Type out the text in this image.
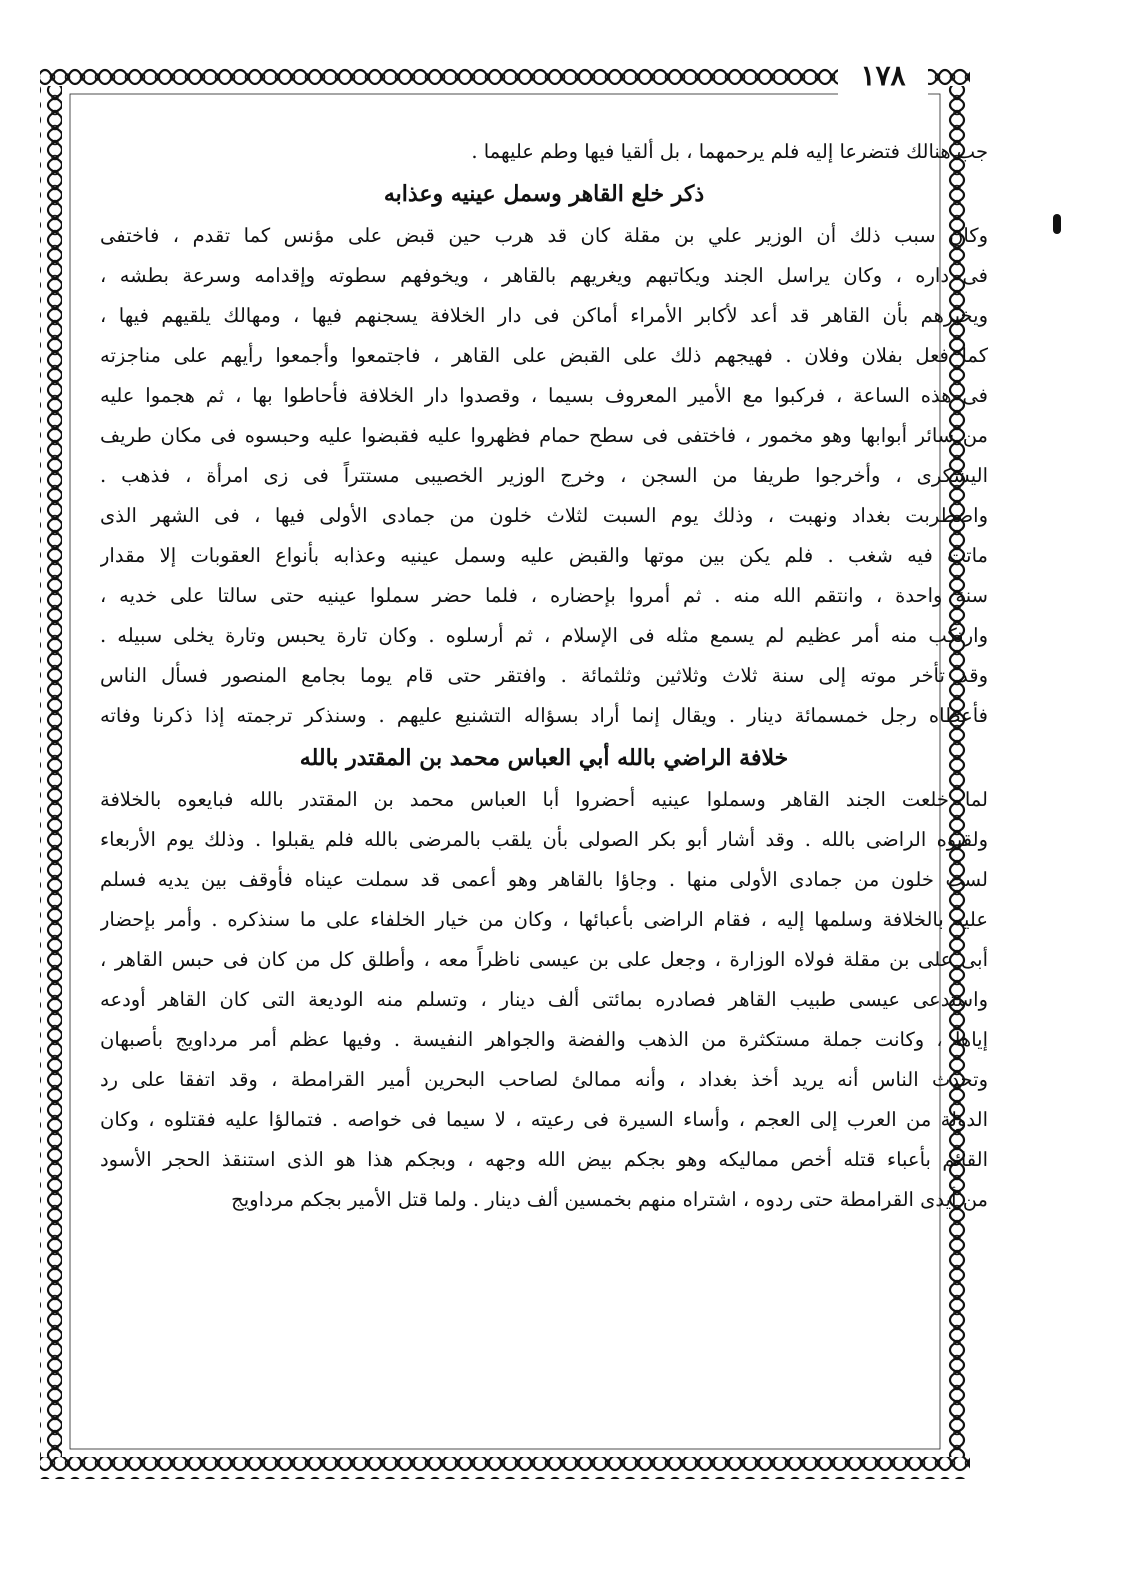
١٧٨
جب هنالك فتضرعا إليه فلم يرحمهما ، بل ألقيا فيها وطم عليهما .
ذكر خلع القاهر وسمل عينيه وعذابه
وكان سبب ذلك أن الوزير علي بن مقلة كان قد هرب حين قبض على مؤنس كما تقدم ، فاختفى
فى داره ، وكان يراسل الجند ويكاتبهم ويغريهم بالقاهر ، ويخوفهم سطوته وإقدامه وسرعة بطشه ،
ويخبرهم بأن القاهر قد أعد لأكابر الأمراء أماكن فى دار الخلافة يسجنهم فيها ، ومهالك يلقيهم فيها ،
كما فعل بفلان وفلان . فهيجهم ذلك على القبض على القاهر ، فاجتمعوا وأجمعوا رأيهم على مناجزته
فى هذه الساعة ، فركبوا مع الأمير المعروف بسيما ، وقصدوا دار الخلافة فأحاطوا بها ، ثم هجموا عليه
من سائر أبوابها وهو مخمور ، فاختفى فى سطح حمام فظهروا عليه فقبضوا عليه وحبسوه فى مكان طريف
اليشكرى ، وأخرجوا طريفا من السجن ، وخرج الوزير الخصيبى مستتراً فى زى امرأة ، فذهب .
واضطربت بغداد ونهبت ، وذلك يوم السبت لثلاث خلون من جمادى الأولى فيها ، فى الشهر الذى
ماتت فيه شغب . فلم يكن بين موتها والقبض عليه وسمل عينيه وعذابه بأنواع العقوبات إلا مقدار
سنة واحدة ، وانتقم الله منه . ثم أمروا بإحضاره ، فلما حضر سملوا عينيه حتى سالتا على خديه ،
وارتكب منه أمر عظيم لم يسمع مثله فى الإسلام ، ثم أرسلوه . وكان تارة يحبس وتارة يخلى سبيله .
وقد تأخر موته إلى سنة ثلاث وثلاثين وثلثمائة . وافتقر حتى قام يوما بجامع المنصور فسأل الناس
فأعطاه رجل خمسمائة دينار . ويقال إنما أراد بسؤاله التشنيع عليهم . وسنذكر ترجمته إذا ذكرنا وفاته
خلافة الراضي بالله أبي العباس محمد بن المقتدر بالله
لما خلعت الجند القاهر وسملوا عينيه أحضروا أبا العباس محمد بن المقتدر بالله فبايعوه بالخلافة
ولقبوه الراضى بالله . وقد أشار أبو بكر الصولى بأن يلقب بالمرضى بالله فلم يقبلوا . وذلك يوم الأربعاء
لست خلون من جمادى الأولى منها . وجاؤا بالقاهر وهو أعمى قد سملت عيناه فأوقف بين يديه فسلم
عليه بالخلافة وسلمها إليه ، فقام الراضى بأعبائها ، وكان من خيار الخلفاء على ما سنذكره . وأمر بإحضار
أبى على بن مقلة فولاه الوزارة ، وجعل على بن عيسى ناظراً معه ، وأطلق كل من كان فى حبس القاهر ،
واستدعى عيسى طبيب القاهر فصادره بمائتى ألف دينار ، وتسلم منه الوديعة التى كان القاهر أودعه
إياها ، وكانت جملة مستكثرة من الذهب والفضة والجواهر النفيسة . وفيها عظم أمر مرداويج بأصبهان
وتحدث الناس أنه يريد أخذ بغداد ، وأنه ممالئ لصاحب البحرين أمير القرامطة ، وقد اتفقا على رد
الدولة من العرب إلى العجم ، وأساء السيرة فى رعيته ، لا سيما فى خواصه . فتمالؤا عليه فقتلوه ، وكان
القائم بأعباء قتله أخص مماليكه وهو بجكم بيض الله وجهه ، وبجكم هذا هو الذى استنقذ الحجر الأسود
من أيدى القرامطة حتى ردوه ، اشتراه منهم بخمسين ألف دينار . ولما قتل الأمير بجكم مرداويج
